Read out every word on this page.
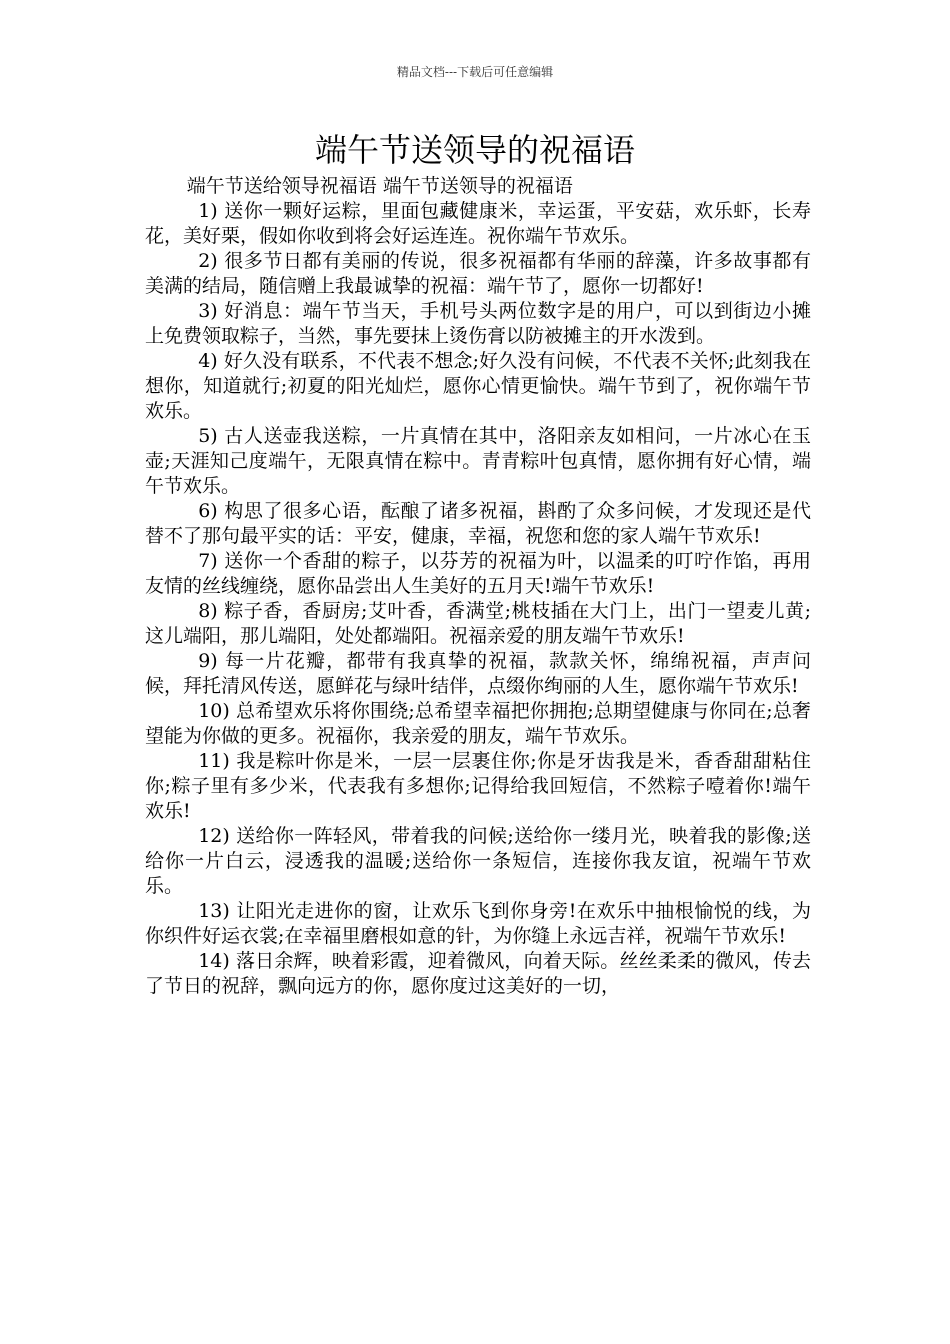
精品文档---下载后可任意编辑
端午节送领导的祝福语

端午节送给领导祝福语 端午节送领导的祝福语

1) 送你一颗好运粽，里面包藏健康米，幸运蛋，平安菇，欢乐虾，长寿花，美好栗，假如你收到将会好运连连。祝你端午节欢乐。

2) 很多节日都有美丽的传说，很多祝福都有华丽的辞藻，许多故事都有美满的结局，随信赠上我最诚挚的祝福：端午节了，愿你一切都好!

3) 好消息：端午节当天，手机号头两位数字是的用户，可以到街边小摊上免费领取粽子，当然，事先要抹上烫伤膏以防被摊主的开水泼到。

4) 好久没有联系，不代表不想念;好久没有问候，不代表不关怀;此刻我在想你，知道就行;初夏的阳光灿烂，愿你心情更愉快。端午节到了，祝你端午节欢乐。

5) 古人送壶我送粽，一片真情在其中，洛阳亲友如相问，一片冰心在玉壶;天涯知己度端午，无限真情在粽中。青青粽叶包真情，愿你拥有好心情，端午节欢乐。

6) 构思了很多心语，酝酿了诸多祝福，斟酌了众多问候，才发现还是代替不了那句最平实的话：平安，健康，幸福，祝您和您的家人端午节欢乐!

7) 送你一个香甜的粽子，以芬芳的祝福为叶，以温柔的叮咛作馅，再用友情的丝线缠绕，愿你品尝出人生美好的五月天!端午节欢乐!

8) 粽子香，香厨房;艾叶香，香满堂;桃枝插在大门上，出门一望麦儿黄;这儿端阳，那儿端阳，处处都端阳。祝福亲爱的朋友端午节欢乐!

9) 每一片花瓣，都带有我真挚的祝福，款款关怀，绵绵祝福，声声问候，拜托清风传送，愿鲜花与绿叶结伴，点缀你绚丽的人生，愿你端午节欢乐!

10) 总希望欢乐将你围绕;总希望幸福把你拥抱;总期望健康与你同在;总奢望能为你做的更多。祝福你，我亲爱的朋友，端午节欢乐。

11) 我是粽叶你是米，一层一层裹住你;你是牙齿我是米，香香甜甜粘住你;粽子里有多少米，代表我有多想你;记得给我回短信，不然粽子噎着你!端午欢乐!

12) 送给你一阵轻风，带着我的问候;送给你一缕月光，映着我的影像;送给你一片白云，浸透我的温暖;送给你一条短信，连接你我友谊，祝端午节欢乐。

13) 让阳光走进你的窗，让欢乐飞到你身旁!在欢乐中抽根愉悦的线，为你织件好运衣裳;在幸福里磨根如意的针，为你缝上永远吉祥，祝端午节欢乐!

14) 落日余辉，映着彩霞，迎着微风，向着天际。丝丝柔柔的微风，传去了节日的祝辞，飘向远方的你，愿你度过这美好的一切，
